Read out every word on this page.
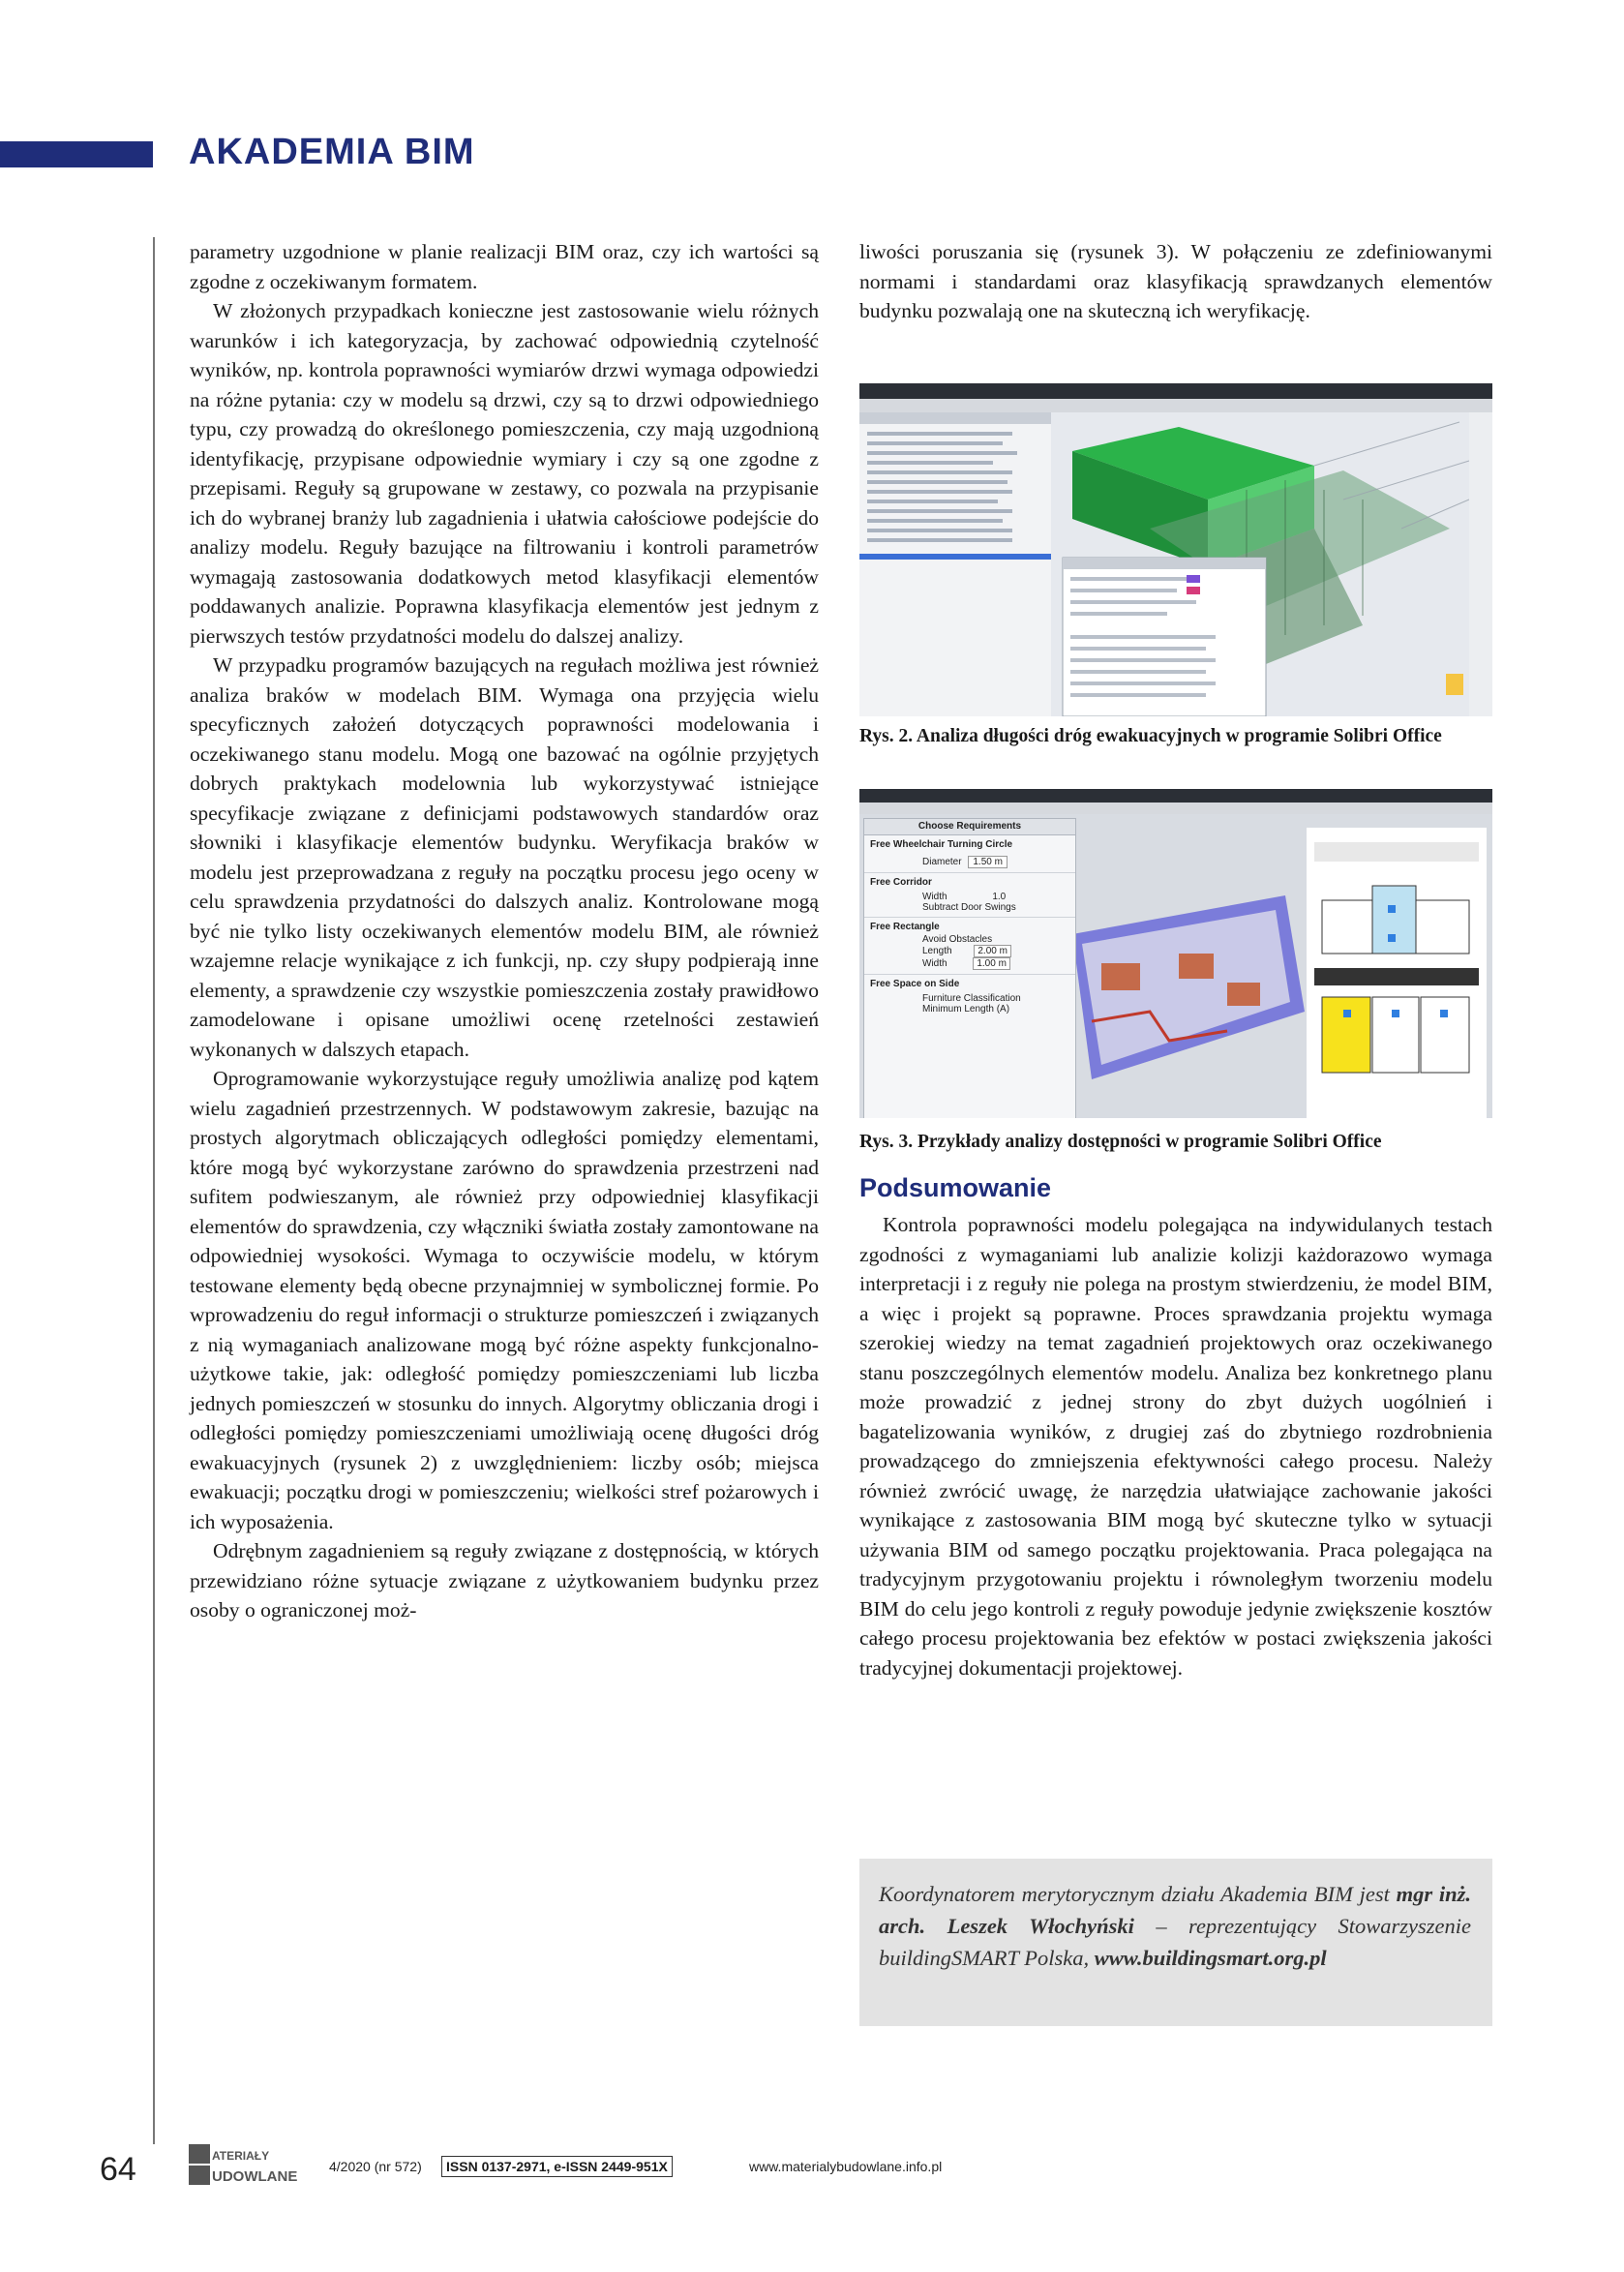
AKADEMIA BIM

parametry uzgodnione w planie realizacji BIM oraz, czy ich wartości są zgodne z oczekiwanym formatem.

W złożonych przypadkach konieczne jest zastosowanie wielu różnych warunków i ich kategoryzacja, by zachować odpowiednią czytelność wyników, np. kontrola poprawności wymiarów drzwi wymaga odpowiedzi na różne pytania: czy w modelu są drzwi, czy są to drzwi odpowiedniego typu, czy prowadzą do określonego pomieszczenia, czy mają uzgodnioną identyfikację, przypisane odpowiednie wymiary i czy są one zgodne z przepisami. Reguły są grupowane w zestawy, co pozwala na przypisanie ich do wybranej branży lub zagadnienia i ułatwia całościowe podejście do analizy modelu. Reguły bazujące na filtrowaniu i kontroli parametrów wymagają zastosowania dodatkowych metod klasyfikacji elementów poddawanych analizie. Poprawna klasyfikacja elementów jest jednym z pierwszych testów przydatności modelu do dalszej analizy.

W przypadku programów bazujących na regułach możliwa jest również analiza braków w modelach BIM. Wymaga ona przyjęcia wielu specyficznych założeń dotyczących poprawności modelowania i oczekiwanego stanu modelu. Mogą one bazować na ogólnie przyjętych dobrych praktykach modelownia lub wykorzystywać istniejące specyfikacje związane z definicjami podstawowych standardów oraz słowniki i klasyfikacje elementów budynku. Weryfikacja braków w modelu jest przeprowadzana z reguły na początku procesu jego oceny w celu sprawdzenia przydatności do dalszych analiz. Kontrolowane mogą być nie tylko listy oczekiwanych elementów modelu BIM, ale również wzajemne relacje wynikające z ich funkcji, np. czy słupy podpierają inne elementy, a sprawdzenie czy wszystkie pomieszczenia zostały prawidłowo zamodelowane i opisane umożliwi ocenę rzetelności zestawień wykonanych w dalszych etapach.

Oprogramowanie wykorzystujące reguły umożliwia analizę pod kątem wielu zagadnień przestrzennych. W podstawowym zakresie, bazując na prostych algorytmach obliczających odległości pomiędzy elementami, które mogą być wykorzystane zarówno do sprawdzenia przestrzeni nad sufitem podwieszanym, ale również przy odpowiedniej klasyfikacji elementów do sprawdzenia, czy włączniki światła zostały zamontowane na odpowiedniej wysokości. Wymaga to oczywiście modelu, w którym testowane elementy będą obecne przynajmniej w symbolicznej formie. Po wprowadzeniu do reguł informacji o strukturze pomieszczeń i związanych z nią wymaganiach analizowane mogą być różne aspekty funkcjonalno-użytkowe takie, jak: odległość pomiędzy pomieszczeniami lub liczba jednych pomieszczeń w stosunku do innych. Algorytmy obliczania drogi i odległości pomiędzy pomieszczeniami umożliwiają ocenę długości dróg ewakuacyjnych (rysunek 2) z uwzględnieniem: liczby osób; miejsca ewakuacji; początku drogi w pomieszczeniu; wielkości stref pożarowych i ich wyposażenia.

Odrębnym zagadnieniem są reguły związane z dostępnością, w których przewidziano różne sytuacje związane z użytkowaniem budynku przez osoby o ograniczonej moż-

liwości poruszania się (rysunek 3). W połączeniu ze zdefiniowanymi normami i standardami oraz klasyfikacją sprawdzanych elementów budynku pozwalają one na skuteczną ich weryfikację.

Rys. 2. Analiza długości dróg ewakuacyjnych w programie Solibri Office
Choose Requirements
Free Wheelchair Turning Circle
Diameter 1.50 m
Free Corridor
Width	1.0
Subtract Door Swings
Free Rectangle
Avoid Obstacles
Length	2.00 m
Width	1.00 m
Free Space on Side
Furniture Classification
Minimum Length (A)
Rys. 3. Przykłady analizy dostępności w programie Solibri Office
Podsumowanie

Kontrola poprawności modelu polegająca na indywidulanych testach zgodności z wymaganiami lub analizie kolizji każdorazowo wymaga interpretacji i z reguły nie polega na prostym stwierdzeniu, że model BIM, a więc i projekt są poprawne. Proces sprawdzania projektu wymaga szerokiej wiedzy na temat zagadnień projektowych oraz oczekiwanego stanu poszczególnych elementów modelu. Analiza bez konkretnego planu może prowadzić z jednej strony do zbyt dużych uogólnień i bagatelizowania wyników, z drugiej zaś do zbytniego rozdrobnienia prowadzącego do zmniejszenia efektywności całego procesu. Należy również zwrócić uwagę, że narzędzia ułatwiające zachowanie jakości wynikające z zastosowania BIM mogą być skuteczne tylko w sytuacji używania BIM od samego początku projektowania. Praca polegająca na tradycyjnym przygotowaniu projektu i równoległym tworzeniu modelu BIM do celu jego kontroli z reguły powoduje jedynie zwiększenie kosztów całego procesu projektowania bez efektów w postaci zwiększenia jakości tradycyjnej dokumentacji projektowej.

Koordynatorem merytorycznym działu Akademia BIM jest mgr inż. arch. Leszek Włochyński – reprezentujący Stowarzyszenie buildingSMART Polska, www.buildingsmart.org.pl
64	ATERIAŁY
UDOWLANE
4/2020 (nr 572)	ISSN 0137-2971, e-ISSN 2449-951X	www.materialybudowlane.info.pl
